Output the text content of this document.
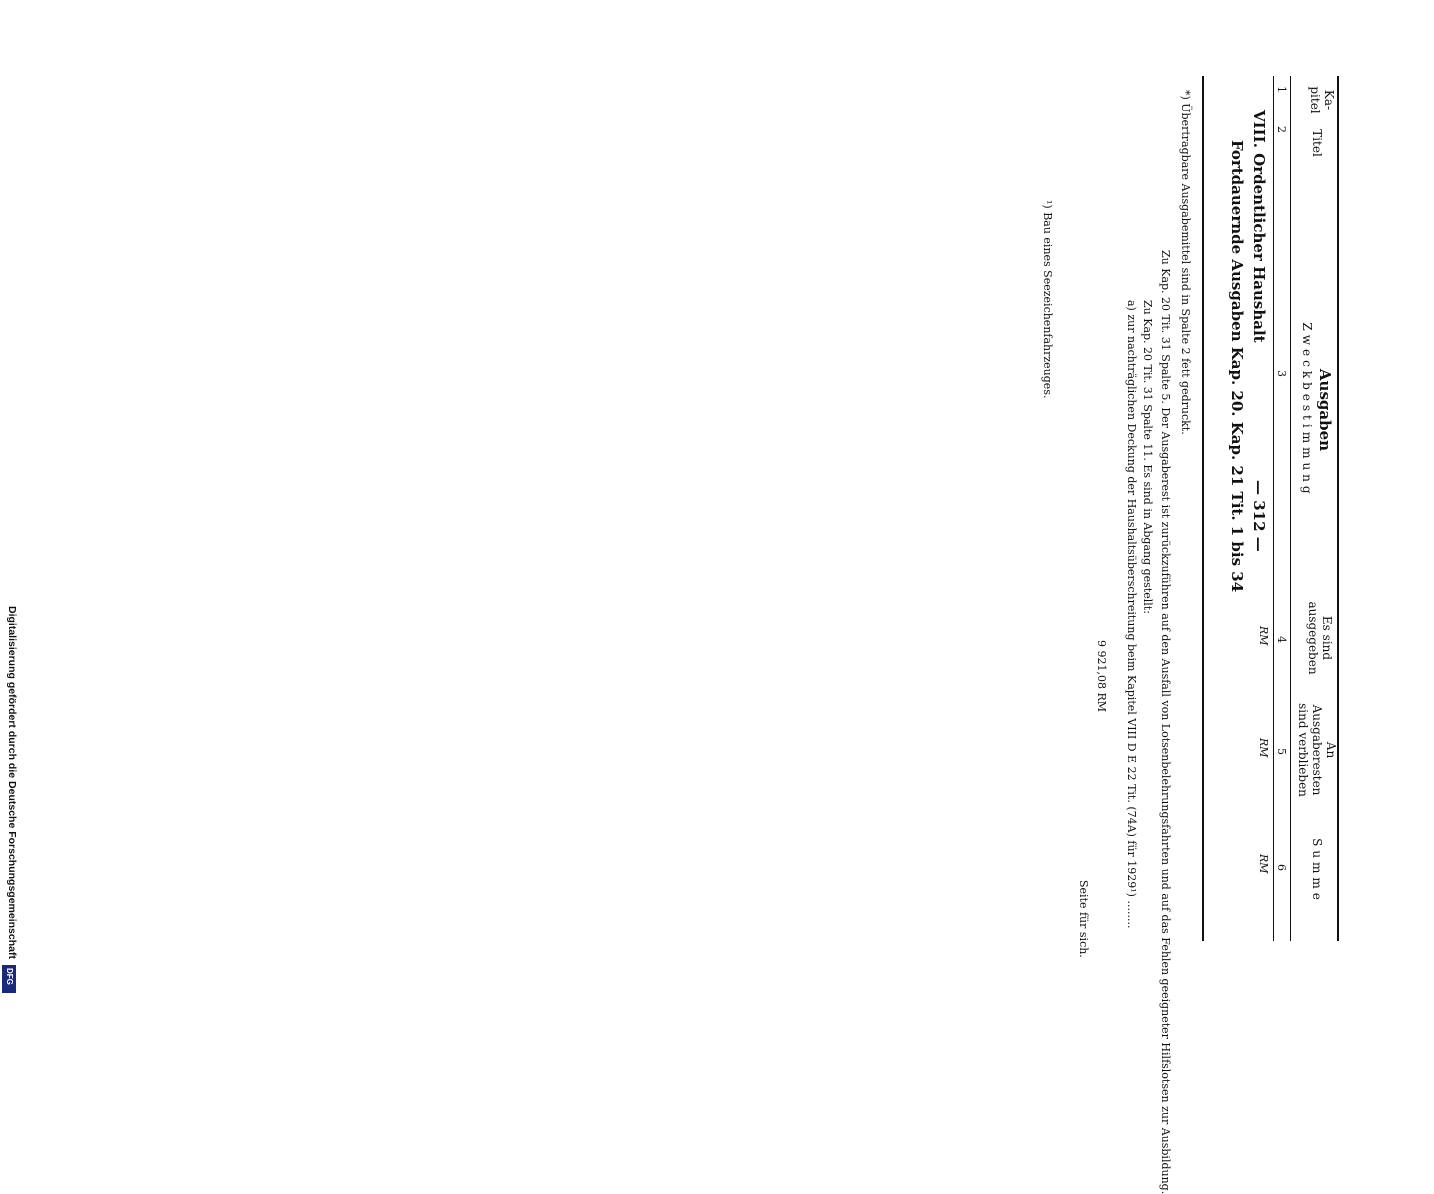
VIII. Ordentlicher Haushalt
Fortdauernde Ausgaben Kap. 20. Kap. 21 Tit. 1 bis 34 — 312 —
Ka-
pitel
Titel
Ausgaben
Zweckbestimmung
Es sind
ausgegeben
An
Ausgaberesten
sind verblieben
Summe
1
2
3
4
5
6
RM
RM
RM
*) Übertragbare Ausgabemittel sind in Spalte 2 fett gedruckt.
Zu Kap. 20 Tit. 31 Spalte 5. Der Ausgaberest ist zurückzuführen auf den Ausfall von Lotsenbelehrungsfahrten und auf das Fehlen geeigneter Hilfslotsen zur Ausbildung.
Zu Kap. 20 Tit. 31 Spalte 11. Es sind in Abgang gestellt:
a) zur nachträglichen Deckung der Haushaltsüberschreitung beim Kapitel VIII D E 22 Tit. (74A) für 1929¹) ........
9 921,08 RM
¹) Bau eines Seezeichenfahrzeuges.
Seite für sich.
Digitalisierung gefördert durch die Deutsche Forschungsgemeinschaft
DFG
